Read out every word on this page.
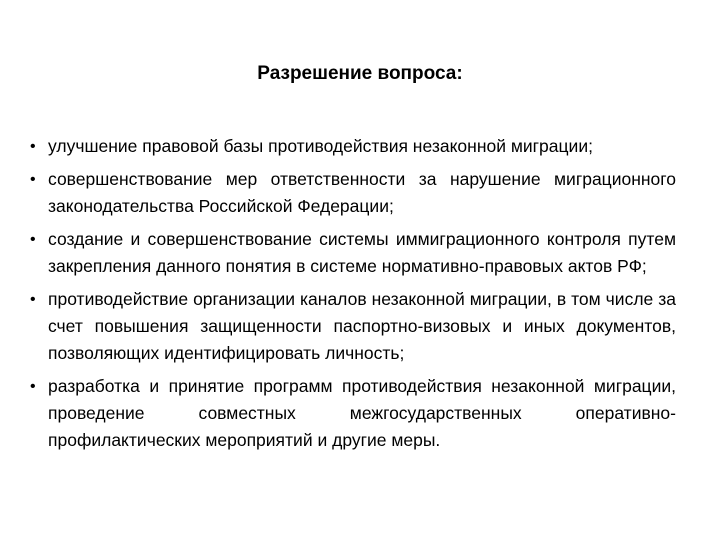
Разрешение вопроса:
• улучшение правовой базы противодействия незаконной миграции;
• совершенствование мер ответственности за нарушение миграционного законодательства Российской Федерации;
• создание и совершенствование системы иммиграционного контроля путем закрепления данного понятия в системе нормативно-правовых актов РФ;
• противодействие организации каналов незаконной миграции, в том числе за счет повышения защищенности паспортно-визовых и иных документов, позволяющих идентифицировать личность;
• разработка и принятие программ противодействия незаконной миграции, проведение совместных межгосударственных оперативно-профилактических мероприятий и другие меры.
